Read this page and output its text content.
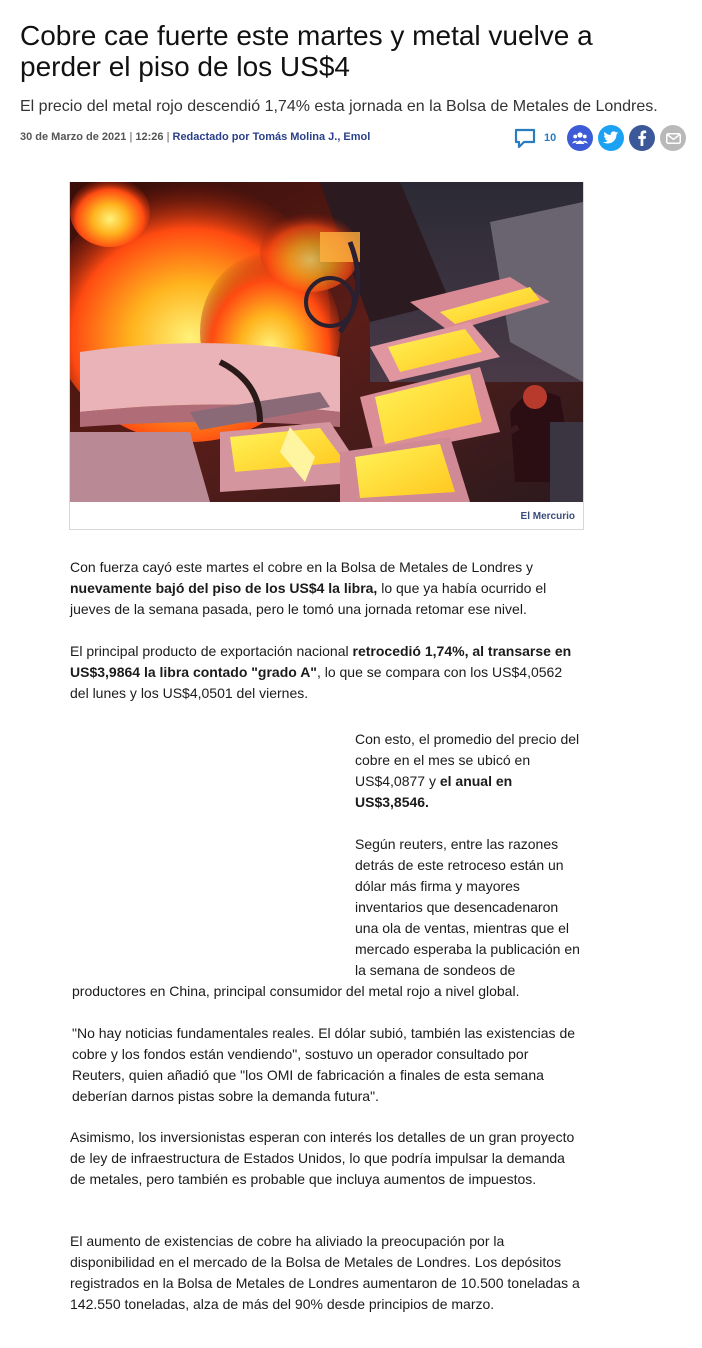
Cobre cae fuerte este martes y metal vuelve a perder el piso de los US$4

El precio del metal rojo descendió 1,74% esta jornada en la Bolsa de Metales de Londres.

30 de Marzo de 2021 | 12:26 | Redactado por Tomás Molina J., Emol	10
El Mercurio

Con fuerza cayó este martes el cobre en la Bolsa de Metales de Londres y nuevamente bajó del piso de los US$4 la libra, lo que ya había ocurrido el jueves de la semana pasada, pero le tomó una jornada retomar ese nivel.

El principal producto de exportación nacional retrocedió 1,74%, al transarse en US$3,9864 la libra contado "grado A", lo que se compara con los US$4,0562 del lunes y los US$4,0501 del viernes.

Con esto, el promedio del precio del cobre en el mes se ubicó en US$4,0877 y el anual en US$3,8546.

Según reuters, entre las razones detrás de este retroceso están un dólar más firma y mayores inventarios que desencadenaron una ola de ventas, mientras que el mercado esperaba la publicación en la semana de sondeos de

productores en China, principal consumidor del metal rojo a nivel global.

"No hay noticias fundamentales reales. El dólar subió, también las existencias de cobre y los fondos están vendiendo", sostuvo un operador consultado por Reuters, quien añadió que "los OMI de fabricación a finales de esta semana deberían darnos pistas sobre la demanda futura".

Asimismo, los inversionistas esperan con interés los detalles de un gran proyecto de ley de infraestructura de Estados Unidos, lo que podría impulsar la demanda de metales, pero también es probable que incluya aumentos de impuestos.

El aumento de existencias de cobre ha aliviado la preocupación por la disponibilidad en el mercado de la Bolsa de Metales de Londres. Los depósitos registrados en la Bolsa de Metales de Londres aumentaron de 10.500 toneladas a 142.550 toneladas, alza de más del 90% desde principios de marzo.
